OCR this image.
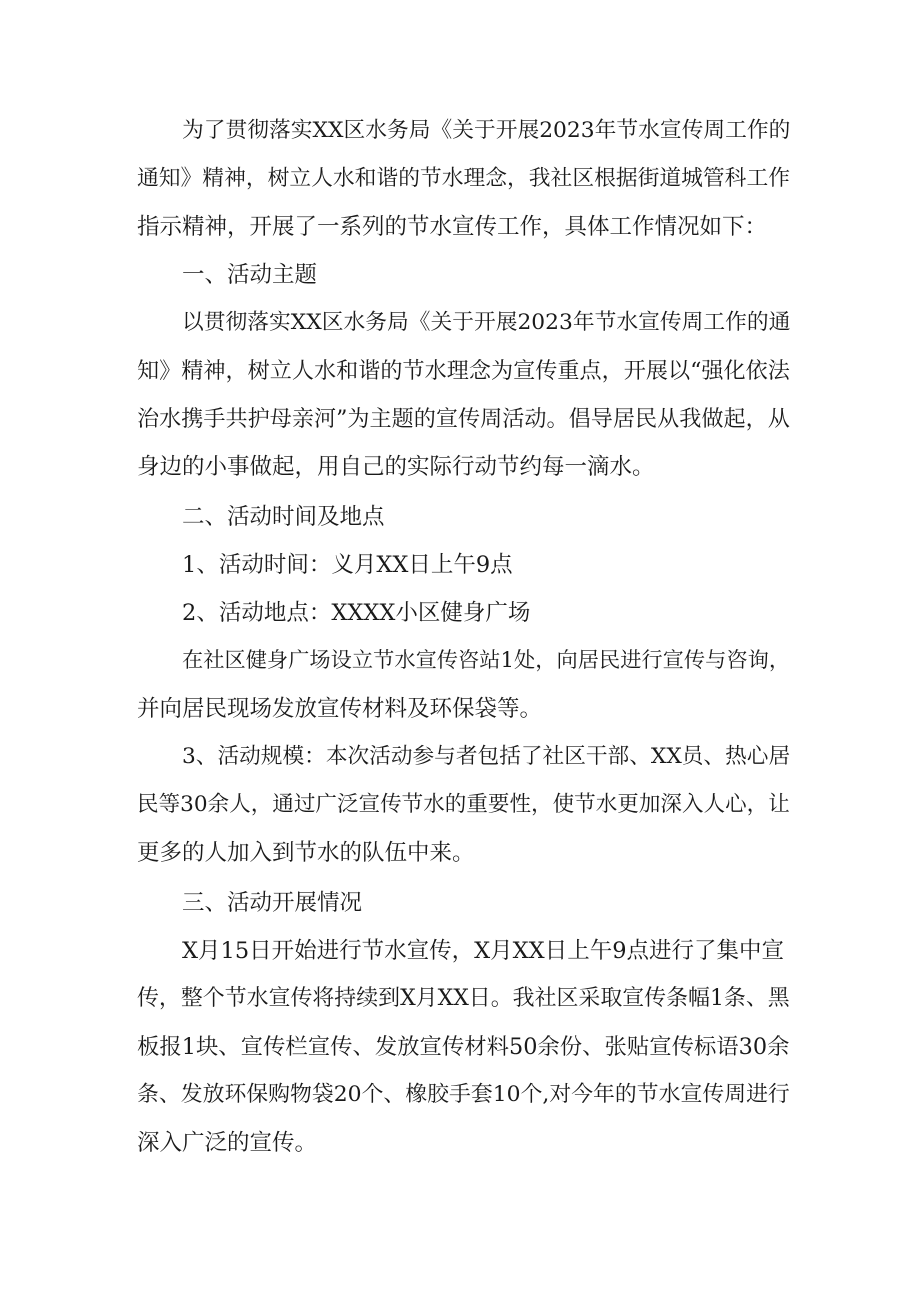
为了贯彻落实XX区水务局《关于开展2023年节水宣传周工作的
通知》精神，树立人水和谐的节水理念，我社区根据街道城管科工作
指示精神，开展了一系列的节水宣传工作，具体工作情况如下：
一、活动主题
以贯彻落实XX区水务局《关于开展2023年节水宣传周工作的通
知》精神，树立人水和谐的节水理念为宣传重点，开展以“强化依法
治水携手共护母亲河”为主题的宣传周活动。倡导居民从我做起，从
身边的小事做起，用自己的实际行动节约每一滴水。
二、活动时间及地点
1、活动时间：义月XX日上午9点
2、活动地点：XXXX小区健身广场
在社区健身广场设立节水宣传咨站1处，向居民进行宣传与咨询，
并向居民现场发放宣传材料及环保袋等。
3、活动规模：本次活动参与者包括了社区干部、XX员、热心居
民等30余人，通过广泛宣传节水的重要性，使节水更加深入人心，让
更多的人加入到节水的队伍中来。
三、活动开展情况
X月15日开始进行节水宣传，X月XX日上午9点进行了集中宣
传，整个节水宣传将持续到X月XX日。我社区采取宣传条幅1条、黑
板报1块、宣传栏宣传、发放宣传材料50余份、张贴宣传标语30余
条、发放环保购物袋20个、橡胶手套10个,对今年的节水宣传周进行
深入广泛的宣传。
